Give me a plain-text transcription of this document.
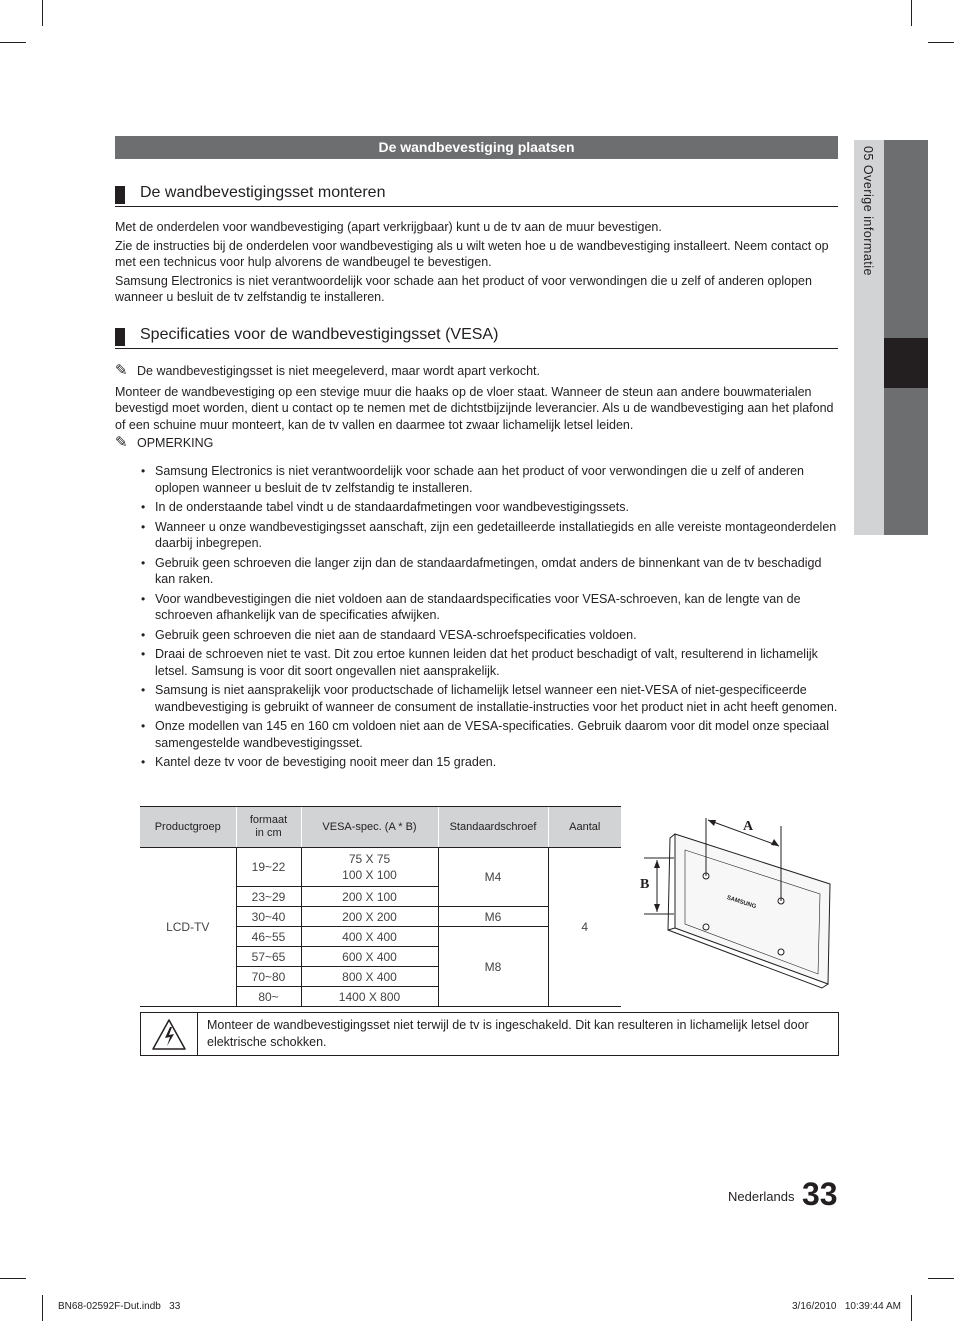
05 Overige informatie
De wandbevestiging plaatsen
De wandbevestigingsset monteren

Met de onderdelen voor wandbevestiging (apart verkrijgbaar) kunt u de tv aan de muur bevestigen.

Zie de instructies bij de onderdelen voor wandbevestiging als u wilt weten hoe u de wandbevestiging installeert. Neem contact op met een technicus voor hulp alvorens de wandbeugel te bevestigen.

Samsung Electronics is niet verantwoordelijk voor schade aan het product of voor verwondingen die u zelf of anderen oplopen wanneer u besluit de tv zelfstandig te installeren.

Specificaties voor de wandbevestigingsset (VESA)
✎ De wandbevestigingsset is niet meegeleverd, maar wordt apart verkocht.

Monteer de wandbevestiging op een stevige muur die haaks op de vloer staat. Wanneer de steun aan andere bouwmaterialen bevestigd moet worden, dient u contact op te nemen met de dichtstbijzijnde leverancier. Als u de wandbevestiging aan het plafond of een schuine muur monteert, kan de tv vallen en daarmee tot zwaar lichamelijk letsel leiden.

✎ OPMERKING
• Samsung Electronics is niet verantwoordelijk voor schade aan het product of voor verwondingen die u zelf of anderen oplopen wanneer u besluit de tv zelfstandig te installeren.
• In de onderstaande tabel vindt u de standaardafmetingen voor wandbevestigingssets.
• Wanneer u onze wandbevestigingsset aanschaft, zijn een gedetailleerde installatiegids en alle vereiste montageonderdelen daarbij inbegrepen.
• Gebruik geen schroeven die langer zijn dan de standaardafmetingen, omdat anders de binnenkant van de tv beschadigd kan raken.
• Voor wandbevestigingen die niet voldoen aan de standaardspecificaties voor VESA-schroeven, kan de lengte van de schroeven afhankelijk van de specificaties afwijken.
• Gebruik geen schroeven die niet aan de standaard VESA-schroefspecificaties voldoen.
• Draai de schroeven niet te vast. Dit zou ertoe kunnen leiden dat het product beschadigt of valt, resulterend in lichamelijk letsel. Samsung is voor dit soort ongevallen niet aansprakelijk.
• Samsung is niet aansprakelijk voor productschade of lichamelijk letsel wanneer een niet-VESA of niet-gespecificeerde wandbevestiging is gebruikt of wanneer de consument de installatie-instructies voor het product niet in acht heeft genomen.
• Onze modellen van 145 en 160 cm voldoen niet aan de VESA-specificaties. Gebruik daarom voor dit model onze speciaal samengestelde wandbevestigingsset.
• Kantel deze tv voor de bevestiging nooit meer dan 15 graden.
Productgroep	formaat in cm	VESA-spec. (A * B)	Standaardschroef	Aantal
LCD-TV	19~22	75 X 75
100 X 100	M4	4
	23~29	200 X 100		
	30~40	200 X 200	M6	
	46~55	400 X 400	M8	
	57~65	600 X 400		
	70~80	800 X 400		
	80~	1400 X 800		
A
B
SAMSUNG
Monteer de wandbevestigingsset niet terwijl de tv is ingeschakeld. Dit kan resulteren in lichamelijk letsel door elektrische schokken.
Nederlands 33
BN68-02592F-Dut.indb   33	3/16/2010   10:39:44 AM
